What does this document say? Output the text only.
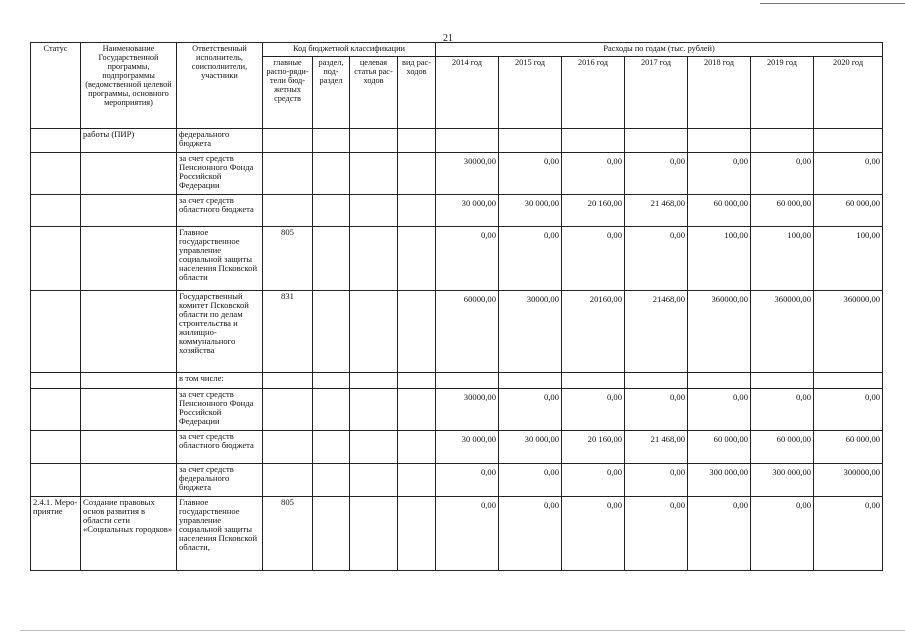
21
Статус	Наименование Государственной программы, подпрограммы (ведомственной целевой программы, основного мероприятия)	Ответственный исполнитель, соисполнители, участники	Код бюджетной классификации				Расходы по годам (тыс. рублей)						
			главные распо-ряди-тели бюд-жетных средств	раздел, под-раздел	целевая статья рас-ходов	вид рас-ходов	2014 год	2015 год	2016 год	2017 год	2018 год	2019 год	2020 год
	работы (ПИР)	федерального бюджета					

		за счет средств Пенсионного Фонда Российской Федерации					30000,00	0,00	0,00	0,00	0,00	0,00	0,00

		за счет средств областного бюджета					30 000,00	30 000,00	20 160,00	21 468,00	60 000,00	60 000,00	60 000,00

		Главное государственное управление социальной защиты населения Псковской области	805				0,00	0,00	0,00	0,00	100,00	100,00	100,00

		Государственный комитет Псковской области по делам строительства и жилищно-коммунального хозяйства	831				60000,00	30000,00	20160,00	21468,00	360000,00	360000,00	360000,00

		в том числе:					

		за счет средств Пенсионного Фонда Российской Федерации					30000,00	0,00	0,00	0,00	0,00	0,00	0,00

		за счет средств областного бюджета					30 000,00	30 000,00	20 160,00	21 468,00	60 000,00	60 000,00	60 000,00

		за счет средств федерального бюджета					0,00	0,00	0,00	0,00	300 000,00	300 000,00	300000,00

2.4.1. Меро-приятие	Создание правовых основ развития в области сети «Социальных городков»	Главное государственное управление социальной защиты населения Псковской области,	805				0,00	0,00	0,00	0,00	0,00	0,00	0,00
